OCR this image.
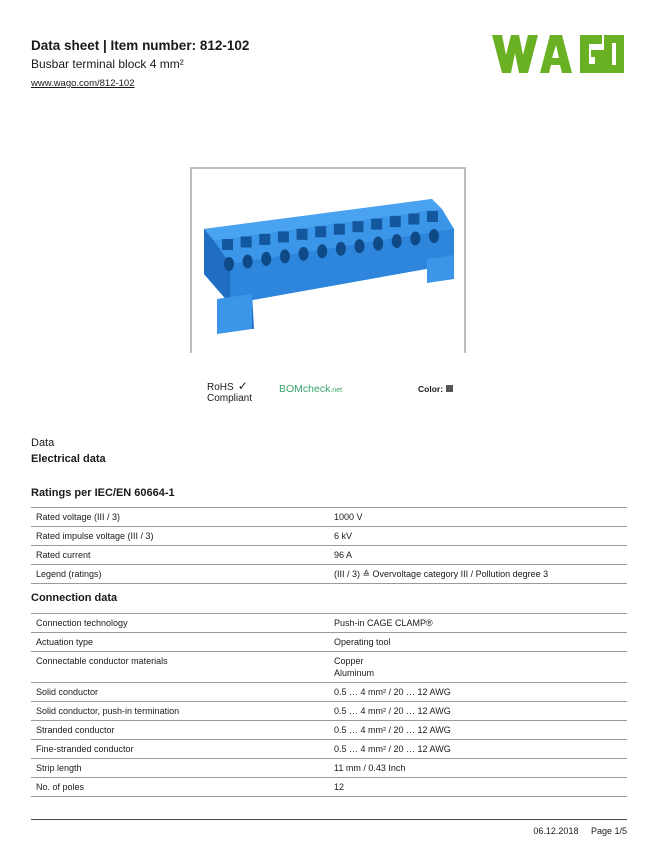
Data sheet | Item number: 812-102
Busbar terminal block 4 mm²
www.wago.com/812-102
RoHS ✓
Compliant
BOMcheck.net	Color:
Data
Electrical data
Ratings per IEC/EN 60664-1
Rated voltage (III / 3)	1000 V
Rated impulse voltage (III / 3)	6 kV
Rated current	96 A
Legend (ratings)	(III / 3) ≙ Overvoltage category III / Pollution degree 3
Connection data
Connection technology	Push-in CAGE CLAMP®
Actuation type	Operating tool
Connectable conductor materials	Copper
Aluminum
Solid conductor	0.5 … 4 mm² / 20 … 12 AWG
Solid conductor, push-in termination	0.5 … 4 mm² / 20 … 12 AWG
Stranded conductor	0.5 … 4 mm² / 20 … 12 AWG
Fine-stranded conductor	0.5 … 4 mm² / 20 … 12 AWG
Strip length	11 mm / 0.43 Inch
No. of poles	12
06.12.2018 Page 1/5
